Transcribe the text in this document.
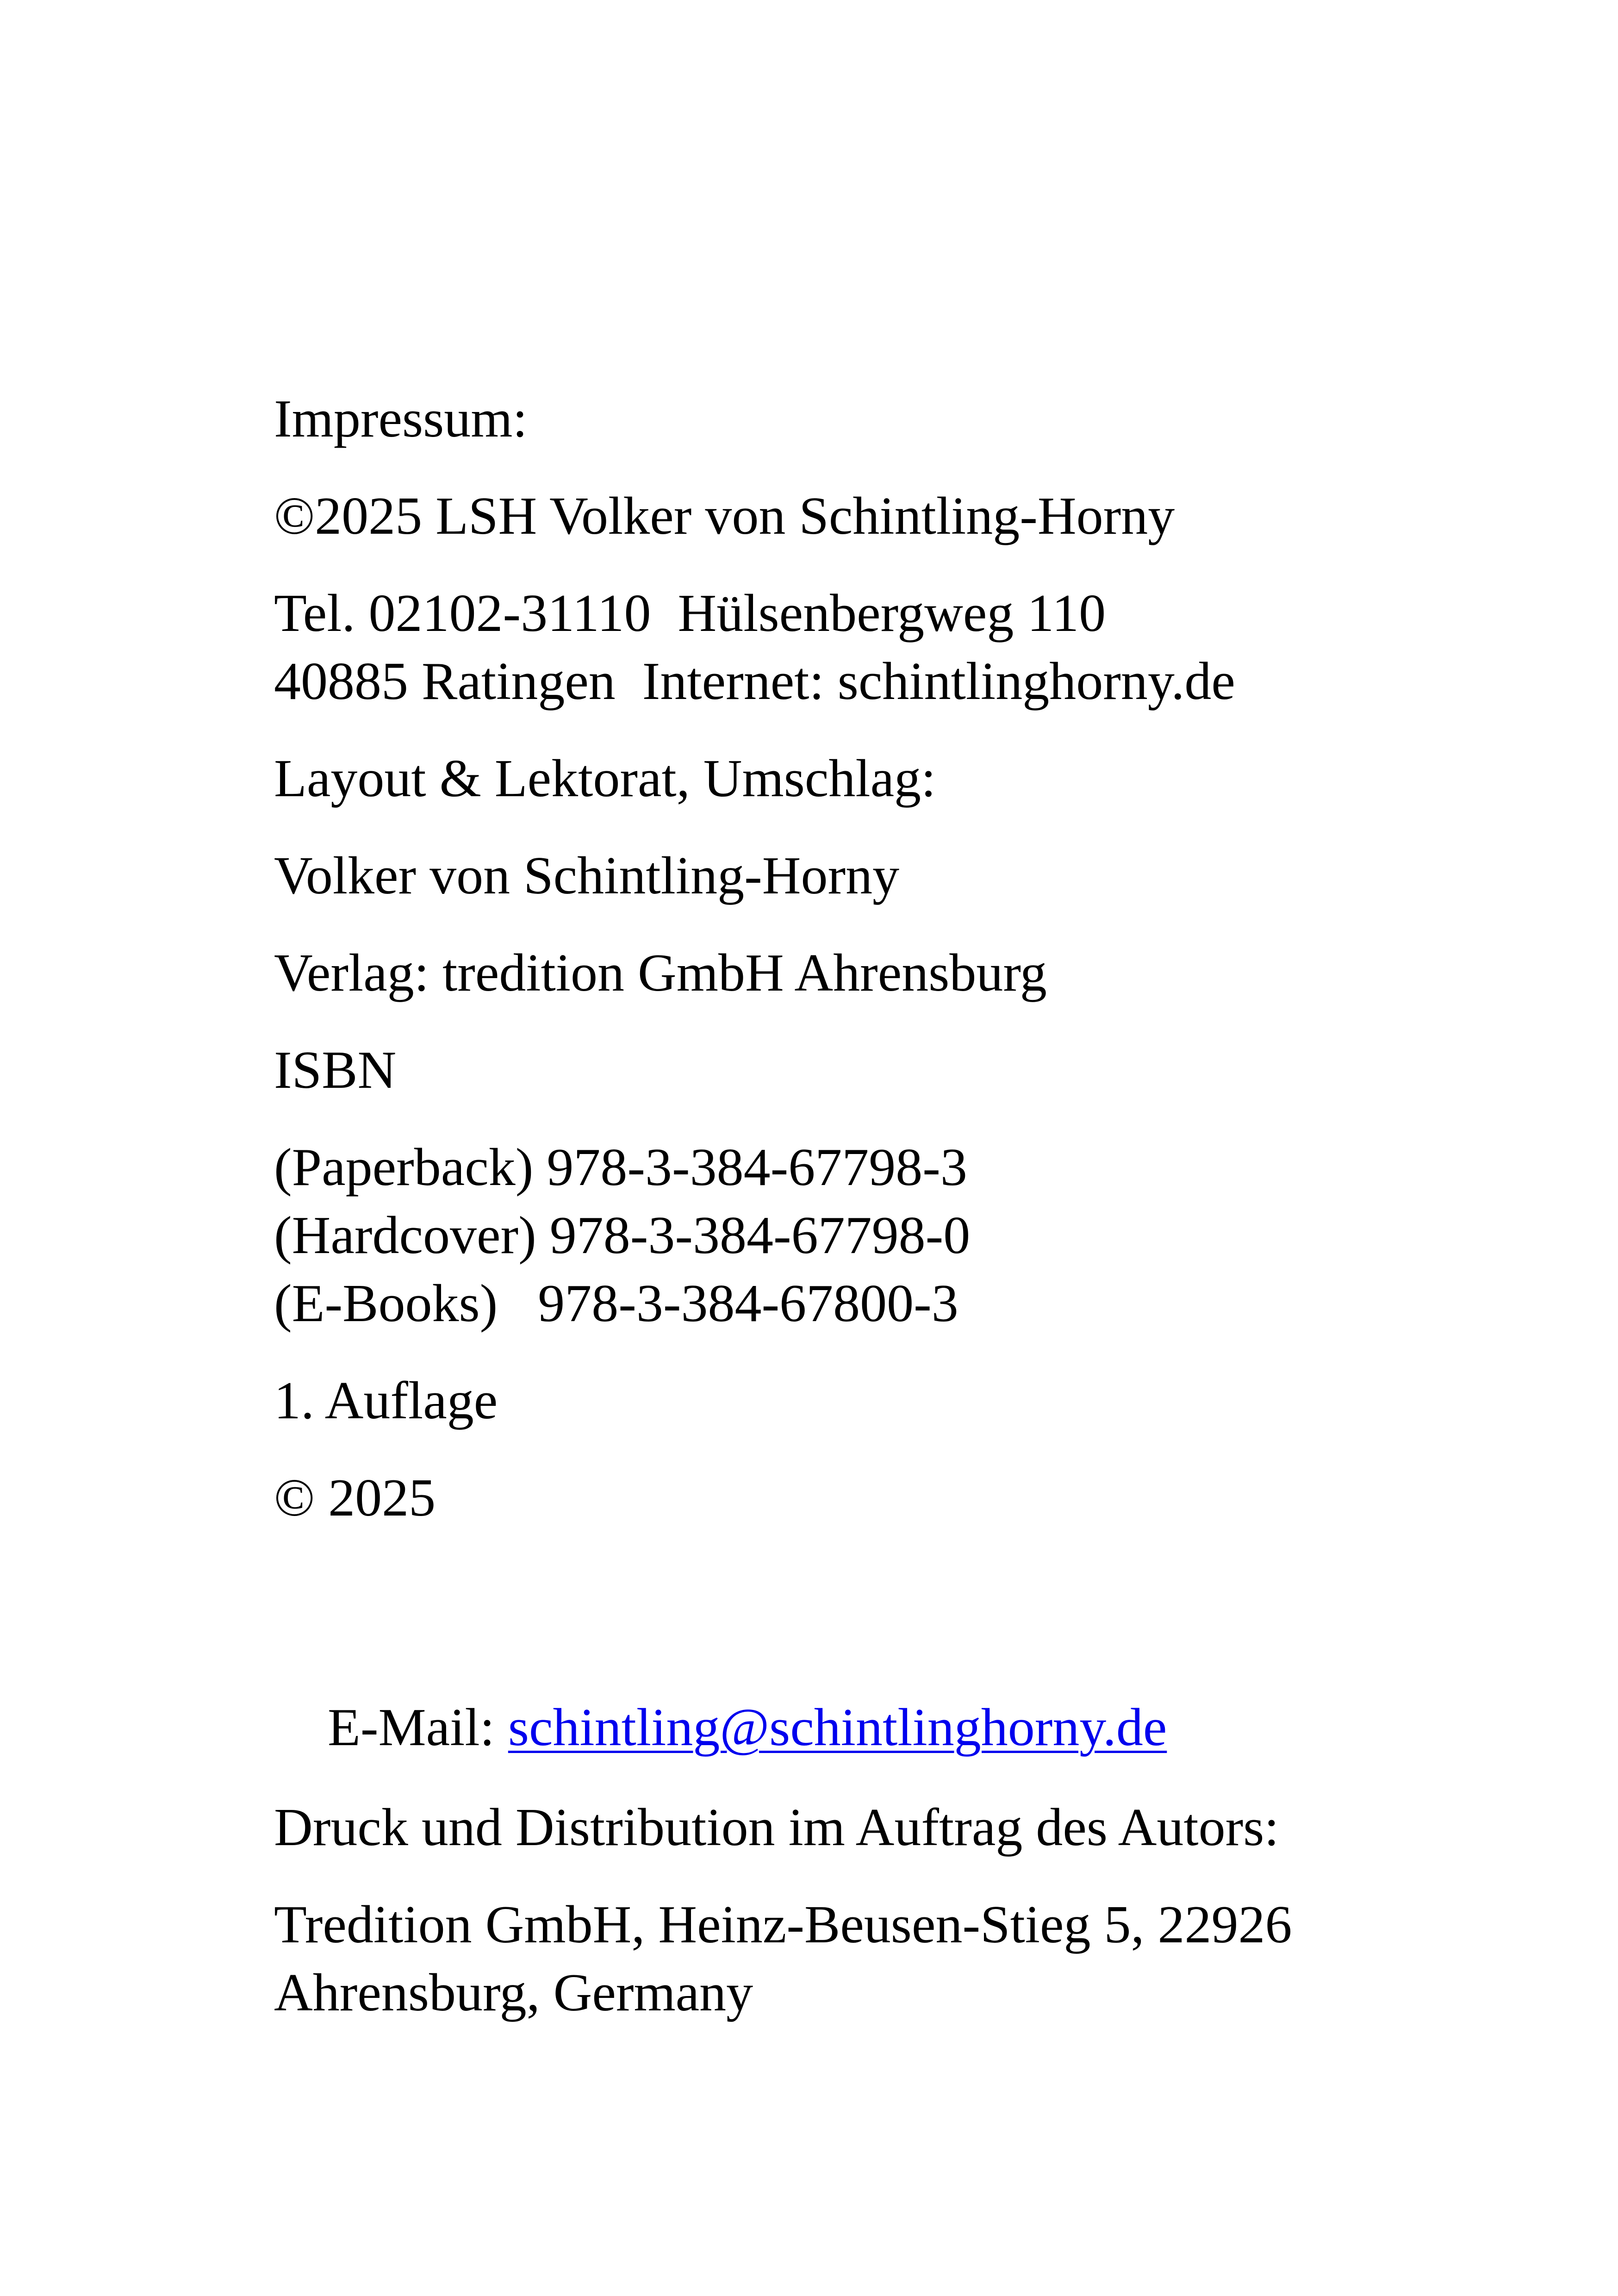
Impressum:
©2025 LSH Volker von Schintling-Horny
Tel. 02102-31110  Hülsenbergweg 110
40885 Ratingen  Internet: schintlinghorny.de
Layout & Lektorat, Umschlag:
Volker von Schintling-Horny
Verlag: tredition GmbH Ahrensburg
ISBN
(Paperback) 978-3-384-67798-3
(Hardcover) 978-3-384-67798-0
(E-Books)   978-3-384-67800-3
1. Auflage
© 2025

E-Mail: schintling@schintlinghorny.de

Druck und Distribution im Auftrag des Autors:
Tredition GmbH, Heinz-Beusen-Stieg 5, 22926
Ahrensburg, Germany
